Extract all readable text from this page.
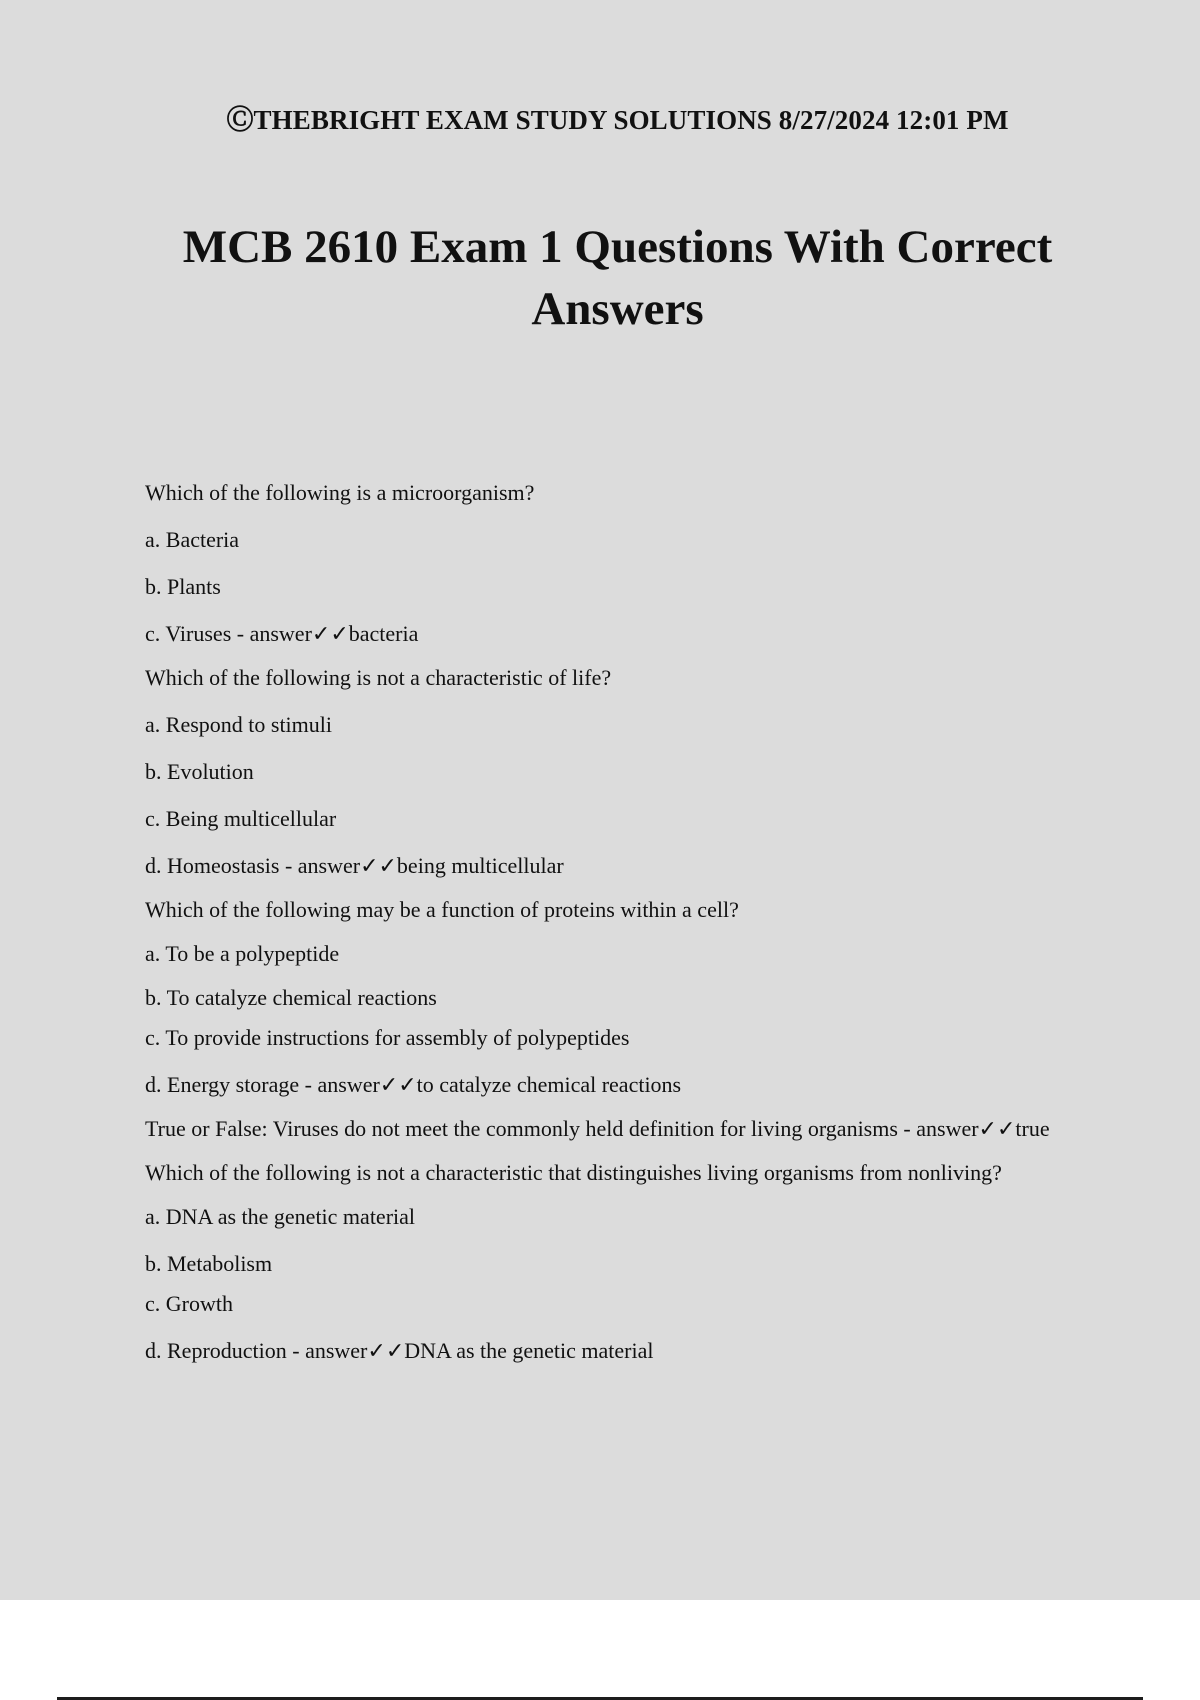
ⒸTHEBRIGHT EXAM STUDY SOLUTIONS 8/27/2024 12:01 PM
MCB 2610 Exam 1 Questions With Correct Answers

Which of the following is a microorganism?

a. Bacteria

b. Plants

c. Viruses - answer✓✓bacteria

Which of the following is not a characteristic of life?

a. Respond to stimuli

b. Evolution

c. Being multicellular

d. Homeostasis - answer✓✓being multicellular

Which of the following may be a function of proteins within a cell?

a. To be a polypeptide

b. To catalyze chemical reactions

c. To provide instructions for assembly of polypeptides

d. Energy storage - answer✓✓to catalyze chemical reactions

True or False: Viruses do not meet the commonly held definition for living organisms - answer✓✓true

Which of the following is not a characteristic that distinguishes living organisms from nonliving?

a. DNA as the genetic material

b. Metabolism

c. Growth

d. Reproduction - answer✓✓DNA as the genetic material
